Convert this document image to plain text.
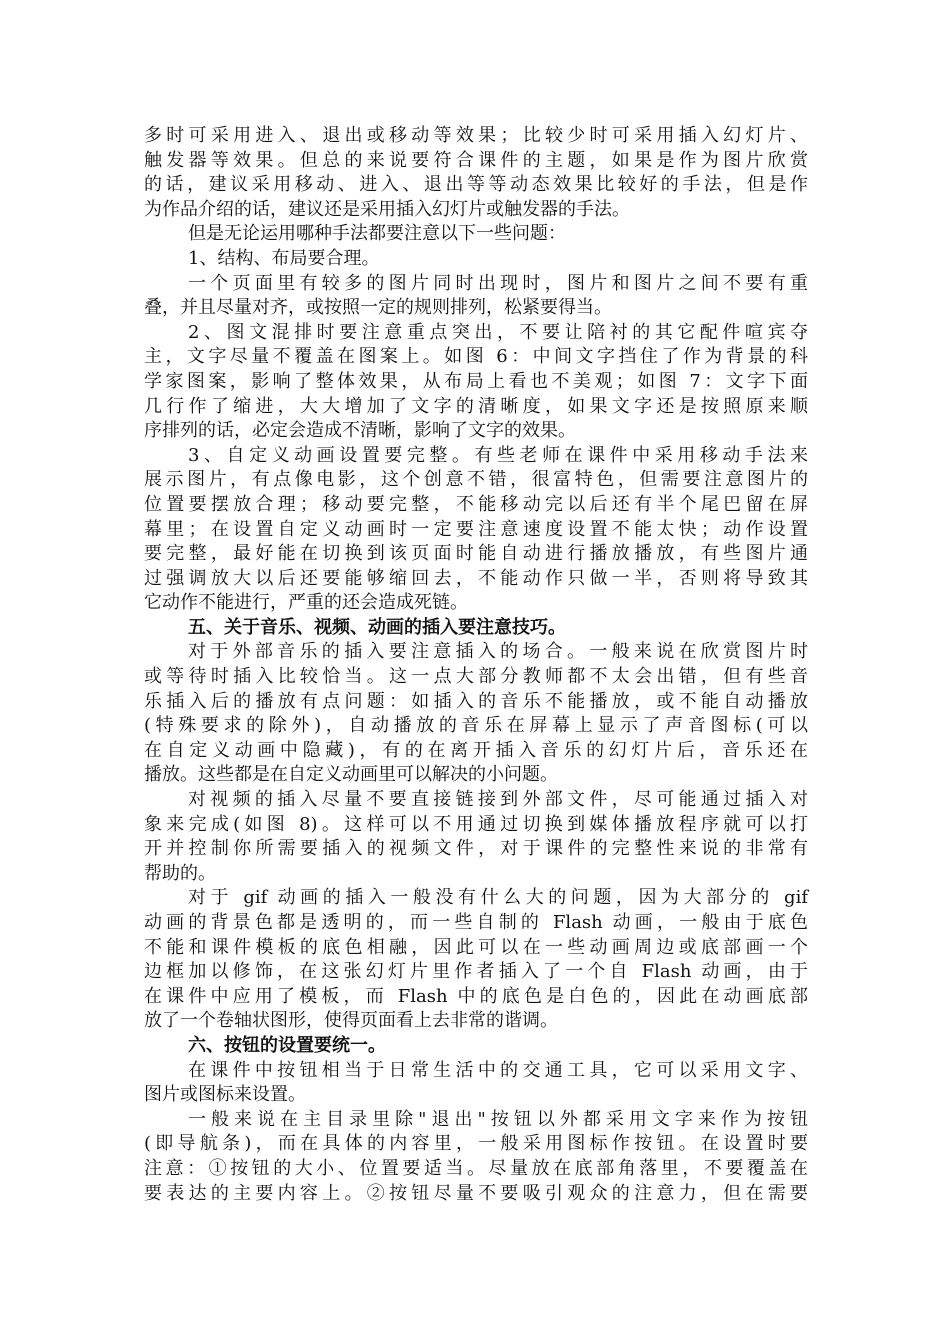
多时可采用进入、退出或移动等效果；比较少时可采用插入幻灯片、
触发器等效果。但总的来说要符合课件的主题，如果是作为图片欣赏
的话，建议采用移动、进入、退出等等动态效果比较好的手法，但是作
为作品介绍的话，建议还是采用插入幻灯片或触发器的手法。
但是无论运用哪种手法都要注意以下一些问题：
1、结构、布局要合理。
一个页面里有较多的图片同时出现时，图片和图片之间不要有重
叠，并且尽量对齐，或按照一定的规则排列，松紧要得当。
2、图文混排时要注意重点突出，不要让陪衬的其它配件喧宾夺
主，文字尽量不覆盖在图案上。如图 6：中间文字挡住了作为背景的科
学家图案，影响了整体效果，从布局上看也不美观；如图 7：文字下面
几行作了缩进，大大增加了文字的清晰度，如果文字还是按照原来顺
序排列的话，必定会造成不清晰，影响了文字的效果。
3、自定义动画设置要完整。有些老师在课件中采用移动手法来
展示图片，有点像电影，这个创意不错，很富特色，但需要注意图片的
位置要摆放合理；移动要完整，不能移动完以后还有半个尾巴留在屏
幕里；在设置自定义动画时一定要注意速度设置不能太快；动作设置
要完整，最好能在切换到该页面时能自动进行播放播放，有些图片通
过强调放大以后还要能够缩回去，不能动作只做一半，否则将导致其
它动作不能进行，严重的还会造成死链。
五、关于音乐、视频、动画的插入要注意技巧。
对于外部音乐的插入要注意插入的场合。一般来说在欣赏图片时
或等待时插入比较恰当。这一点大部分教师都不太会出错，但有些音
乐插入后的播放有点问题：如插入的音乐不能播放，或不能自动播放
(特殊要求的除外)，自动播放的音乐在屏幕上显示了声音图标(可以
在自定义动画中隐藏)，有的在离开插入音乐的幻灯片后，音乐还在
播放。这些都是在自定义动画里可以解决的小问题。
对视频的插入尽量不要直接链接到外部文件，尽可能通过插入对
象来完成(如图 8)。这样可以不用通过切换到媒体播放程序就可以打
开并控制你所需要插入的视频文件，对于课件的完整性来说的非常有
帮助的。
对于 gif 动画的插入一般没有什么大的问题，因为大部分的 gif
动画的背景色都是透明的，而一些自制的 Flash 动画，一般由于底色
不能和课件模板的底色相融，因此可以在一些动画周边或底部画一个
边框加以修饰，在这张幻灯片里作者插入了一个自 Flash 动画，由于
在课件中应用了模板，而 Flash 中的底色是白色的，因此在动画底部
放了一个卷轴状图形，使得页面看上去非常的谐调。
六、按钮的设置要统一。
在课件中按钮相当于日常生活中的交通工具，它可以采用文字、
图片或图标来设置。
一般来说在主目录里除"退出"按钮以外都采用文字来作为按钮
(即导航条)，而在具体的内容里，一般采用图标作按钮。在设置时要
注意：①按钮的大小、位置要适当。尽量放在底部角落里，不要覆盖在
要表达的主要内容上。②按钮尽量不要吸引观众的注意力，但在需要
